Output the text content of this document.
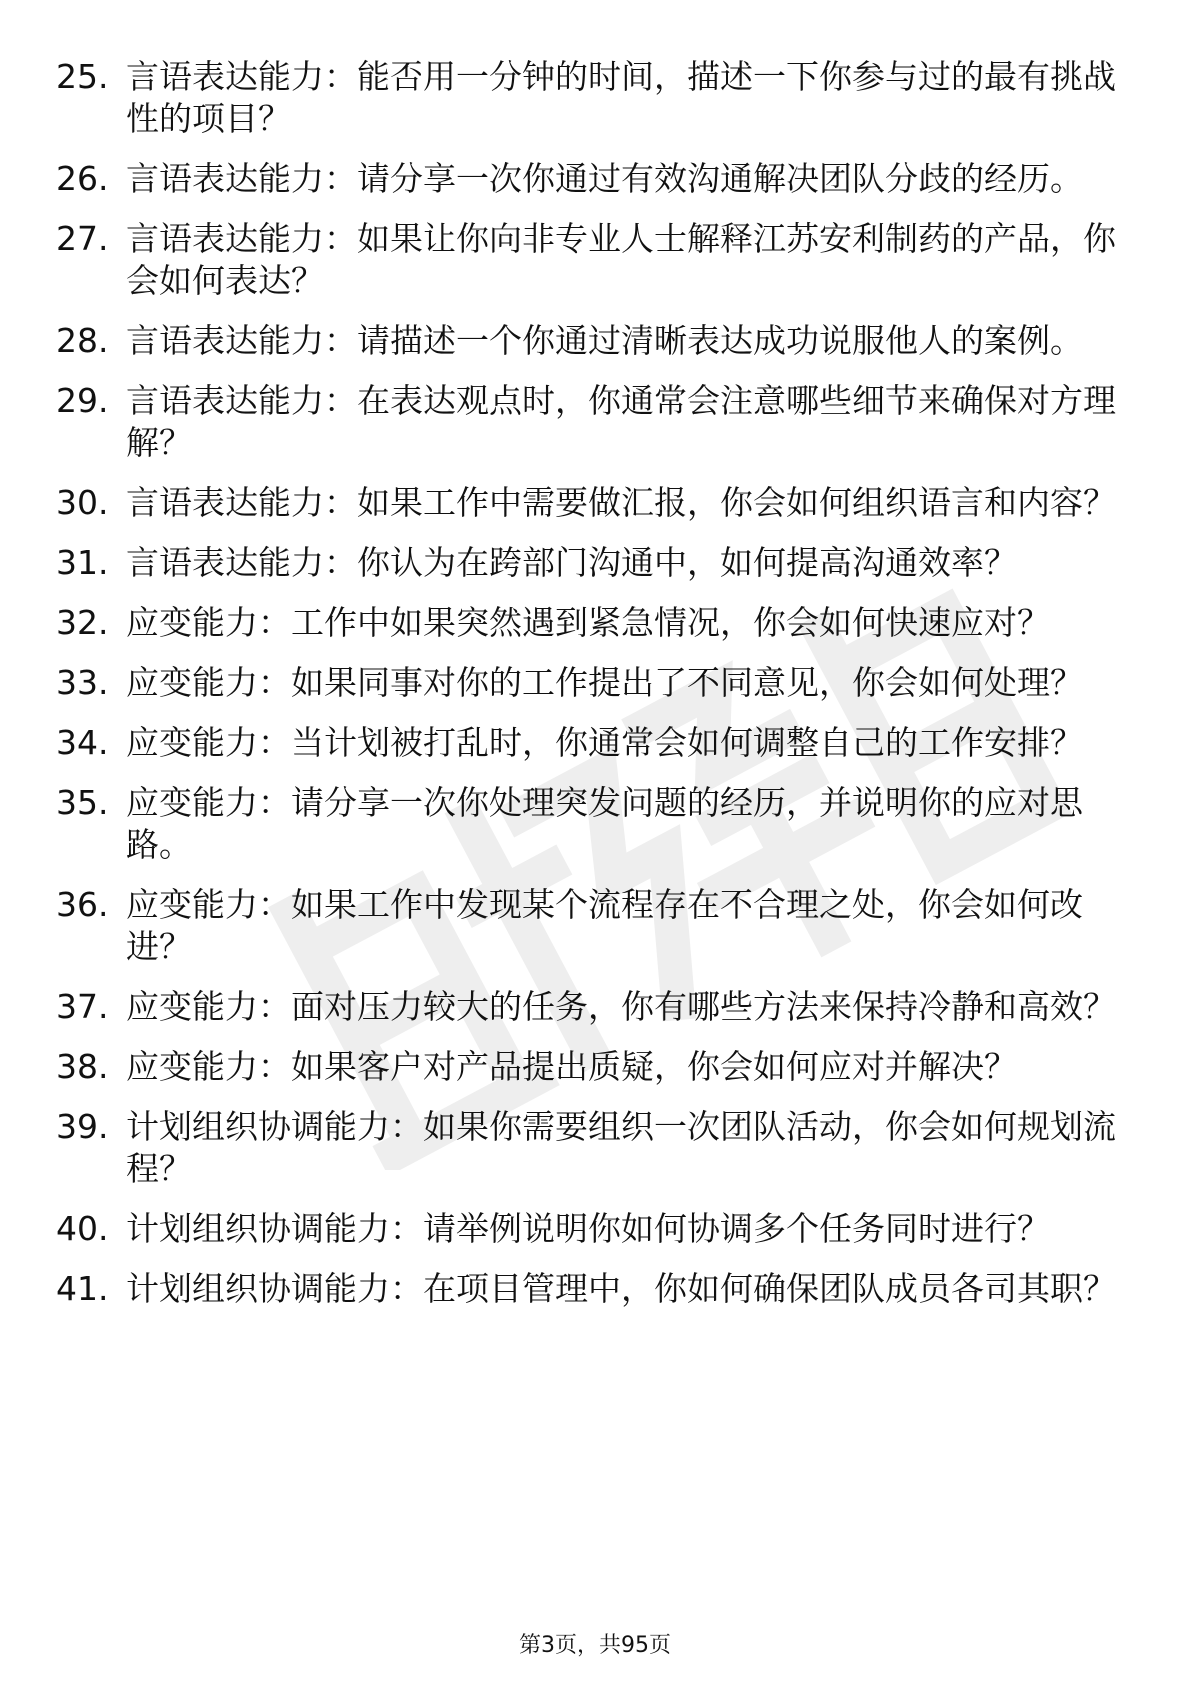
25. 言语表达能力：能否用一分钟的时间，描述一下你参与过的最有挑战性的项目？
26. 言语表达能力：请分享一次你通过有效沟通解决团队分歧的经历。
27. 言语表达能力：如果让你向非专业人士解释江苏安利制药的产品，你会如何表达？
28. 言语表达能力：请描述一个你通过清晰表达成功说服他人的案例。
29. 言语表达能力：在表达观点时，你通常会注意哪些细节来确保对方理解？
30. 言语表达能力：如果工作中需要做汇报，你会如何组织语言和内容？
31. 言语表达能力：你认为在跨部门沟通中，如何提高沟通效率？
32. 应变能力：工作中如果突然遇到紧急情况，你会如何快速应对？
33. 应变能力：如果同事对你的工作提出了不同意见，你会如何处理？
34. 应变能力：当计划被打乱时，你通常会如何调整自己的工作安排？
35. 应变能力：请分享一次你处理突发问题的经历，并说明你的应对思路。
36. 应变能力：如果工作中发现某个流程存在不合理之处，你会如何改进？
37. 应变能力：面对压力较大的任务，你有哪些方法来保持冷静和高效？
38. 应变能力：如果客户对产品提出质疑，你会如何应对并解决？
39. 计划组织协调能力：如果你需要组织一次团队活动，你会如何规划流程？
40. 计划组织协调能力：请举例说明你如何协调多个任务同时进行？
41. 计划组织协调能力：在项目管理中，你如何确保团队成员各司其职？
第3页，共95页
